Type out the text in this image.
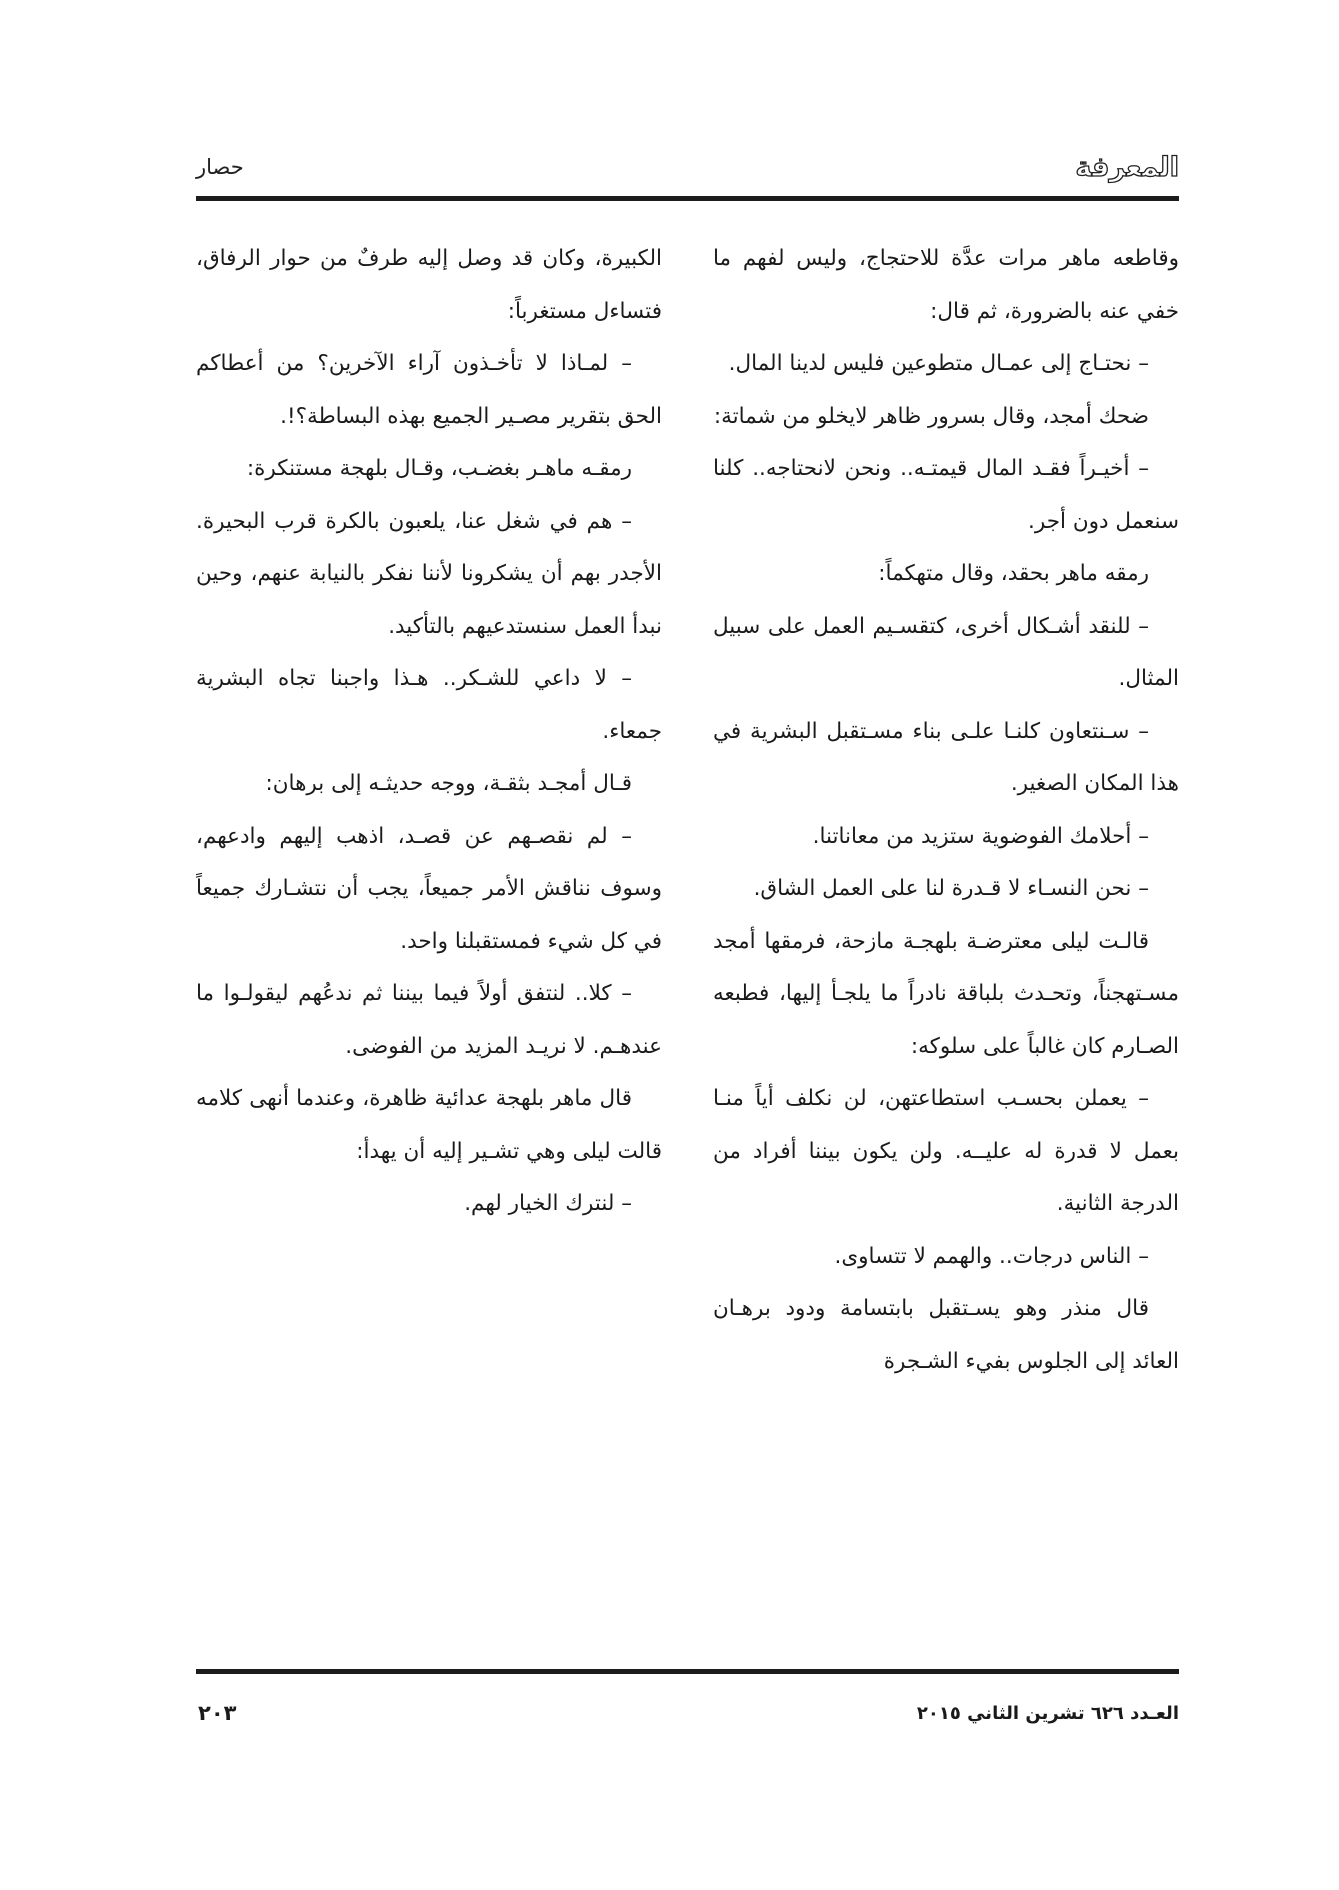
المعرفة
حصار

وقاطعه ماهر مرات عدَّة للاحتجاج، وليس لفهم ما خفي عنه بالضرورة، ثم قال:

– نحتـاج إلى عمـال متطوعين فليس لدينا المال.

ضحك أمجد، وقال بسرور ظاهر لايخلو من شماتة:

– أخيـراً فقـد المال قيمتـه.. ونحن لانحتاجه.. كلنا سنعمل دون أجر.

رمقه ماهر بحقد، وقال متهكماً:

– للنقد أشـكال أخرى، كتقسـيم العمل على سبيل المثال.

– سـنتعاون كلنـا علـى بناء مسـتقبل البشرية في هذا المكان الصغير.

– أحلامك الفوضوية ستزيد من معاناتنا.

– نحن النسـاء لا قـدرة لنا على العمل الشاق.

قالـت ليلى معترضـة بلهجـة مازحة، فرمقها أمجد مسـتهجناً، وتحـدث بلباقة نادراً ما يلجـأ إليها، فطبعه الصـارم كان غالباً على سلوكه:

– يعملن بحسـب استطاعتهن، لن نكلف أياً منـا بعمل لا قدرة له عليــه. ولن يكون بيننا أفراد من الدرجة الثانية.

– الناس درجات.. والهمم لا تتساوى.

قال منذر وهو يسـتقبل بابتسامة ودود برهـان العائد إلى الجلوس بفيء الشـجرة

الكبيرة، وكان قد وصل إليه طرفٌ من حوار الرفاق، فتساءل مستغرباً:

– لمـاذا لا تأخـذون آراء الآخرين؟ من أعطاكم الحق بتقرير مصـير الجميع بهذه البساطة؟!.

رمقـه ماهـر بغضـب، وقـال بلهجة مستنكرة:

– هم في شغل عنا، يلعبون بالكرة قرب البحيرة. الأجدر بهم أن يشكرونا لأننا نفكر بالنيابة عنهم، وحين نبدأ العمل سنستدعيهم بالتأكيد.

– لا داعي للشـكر.. هـذا واجبنا تجاه البشرية جمعاء.

قـال أمجـد بثقـة، ووجه حديثـه إلى برهان:

– لم نقصـهم عن قصـد، اذهب إليهم وادعهم، وسوف نناقش الأمر جميعاً، يجب أن نتشـارك جميعاً في كل شيء فمستقبلنا واحد.

– كلا.. لنتفق أولاً فيما بيننا ثم ندعُهم ليقولـوا ما عندهـم. لا نريـد المزيد من الفوضى.

قال ماهر بلهجة عدائية ظاهرة، وعندما أنهى كلامه قالت ليلى وهي تشـير إليه أن يهدأ:

– لنترك الخيار لهم.

العـدد ٦٢٦ تشرين الثاني ٢٠١٥
٢٠٣
